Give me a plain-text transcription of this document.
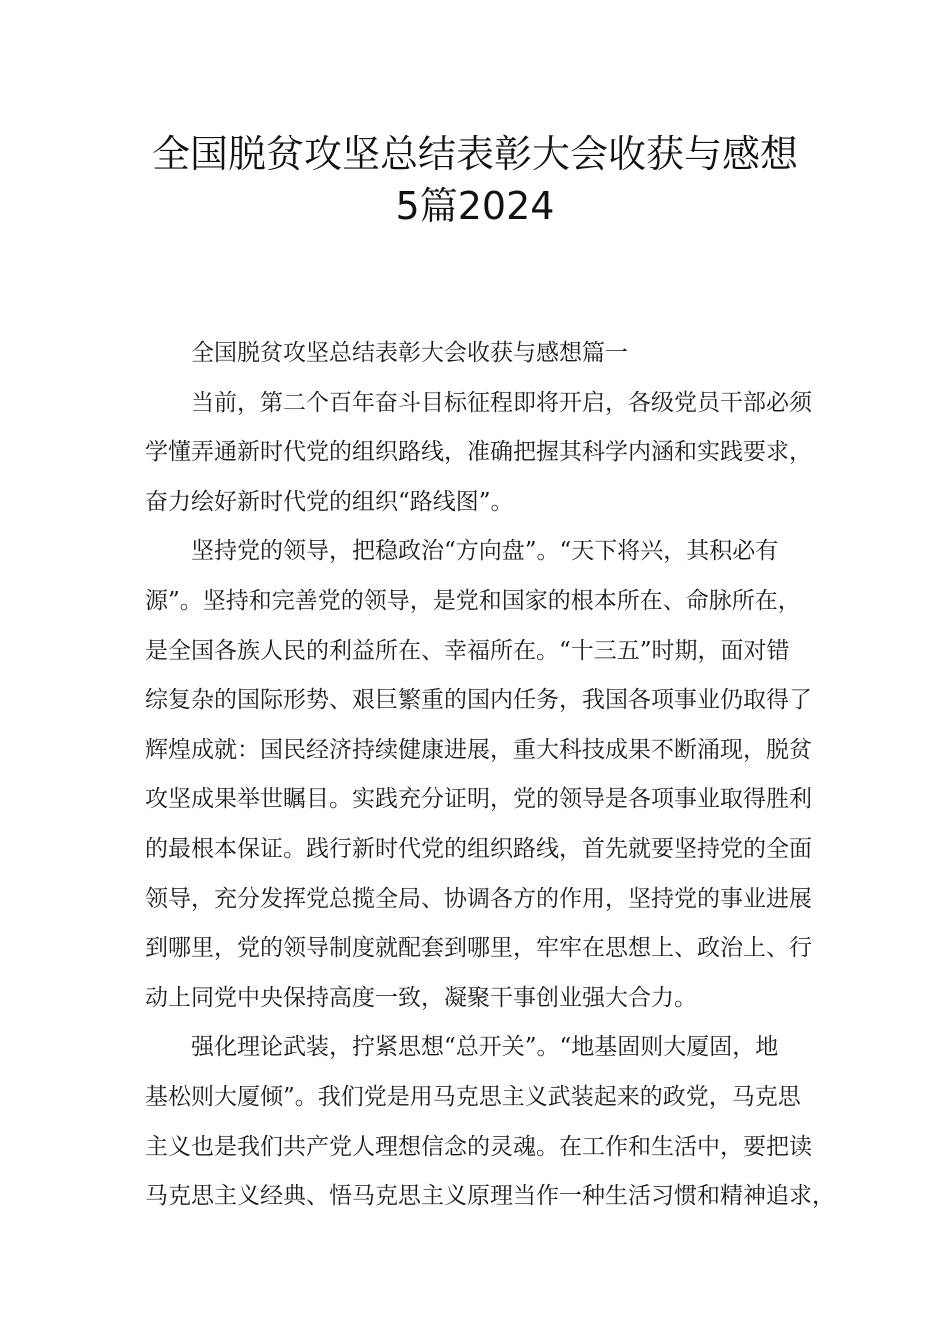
全国脱贫攻坚总结表彰大会收获与感想
5篇2024
全国脱贫攻坚总结表彰大会收获与感想篇一
当前，第二个百年奋斗目标征程即将开启，各级党员干部必须
学懂弄通新时代党的组织路线，准确把握其科学内涵和实践要求，
奋力绘好新时代党的组织“路线图”。
坚持党的领导，把稳政治“方向盘”。“天下将兴，其积必有
源”。坚持和完善党的领导，是党和国家的根本所在、命脉所在，
是全国各族人民的利益所在、幸福所在。“十三五”时期，面对错
综复杂的国际形势、艰巨繁重的国内任务，我国各项事业仍取得了
辉煌成就：国民经济持续健康进展，重大科技成果不断涌现，脱贫
攻坚成果举世瞩目。实践充分证明，党的领导是各项事业取得胜利
的最根本保证。践行新时代党的组织路线，首先就要坚持党的全面
领导，充分发挥党总揽全局、协调各方的作用，坚持党的事业进展
到哪里，党的领导制度就配套到哪里，牢牢在思想上、政治上、行
动上同党中央保持高度一致，凝聚干事创业强大合力。
强化理论武装，拧紧思想“总开关”。“地基固则大厦固，地
基松则大厦倾”。我们党是用马克思主义武装起来的政党，马克思
主义也是我们共产党人理想信念的灵魂。在工作和生活中，要把读
马克思主义经典、悟马克思主义原理当作一种生活习惯和精神追求，
